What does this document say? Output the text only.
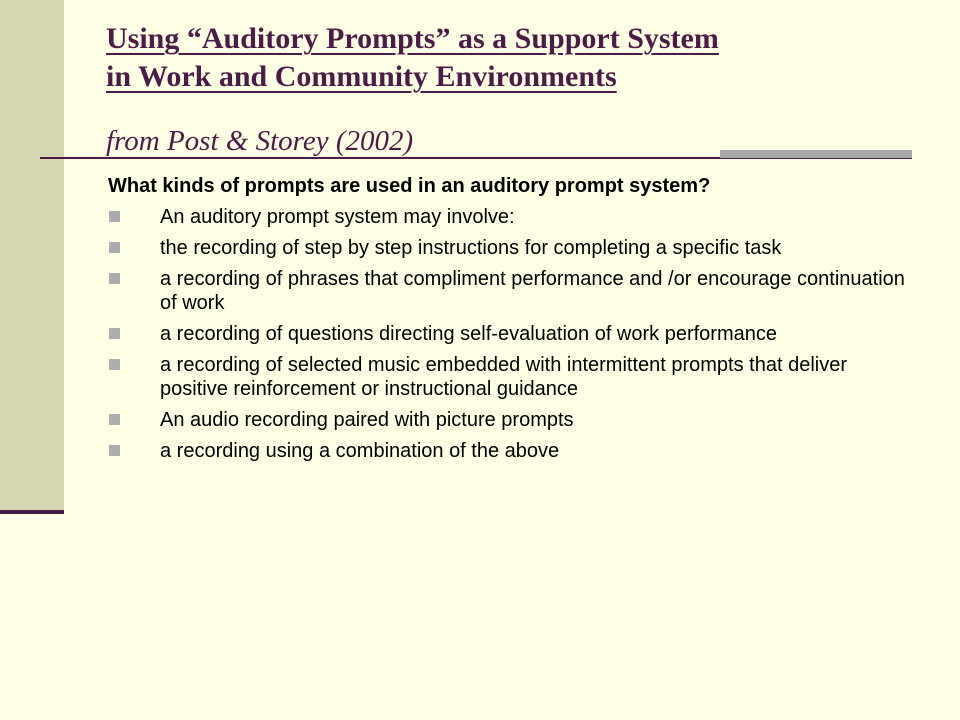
Using “Auditory Prompts” as a Support System
in Work and Community Environments
from Post & Storey (2002)
What kinds of prompts are used in an auditory prompt system?
An auditory prompt system may involve:
the recording of step by step instructions for completing a specific task
a recording of phrases that compliment performance and /or encourage continuation of work
a recording of questions directing self-evaluation of work performance
a recording of selected music embedded with intermittent prompts that deliver positive reinforcement or instructional guidance
An audio recording paired with picture prompts
a recording using a combination of the above
